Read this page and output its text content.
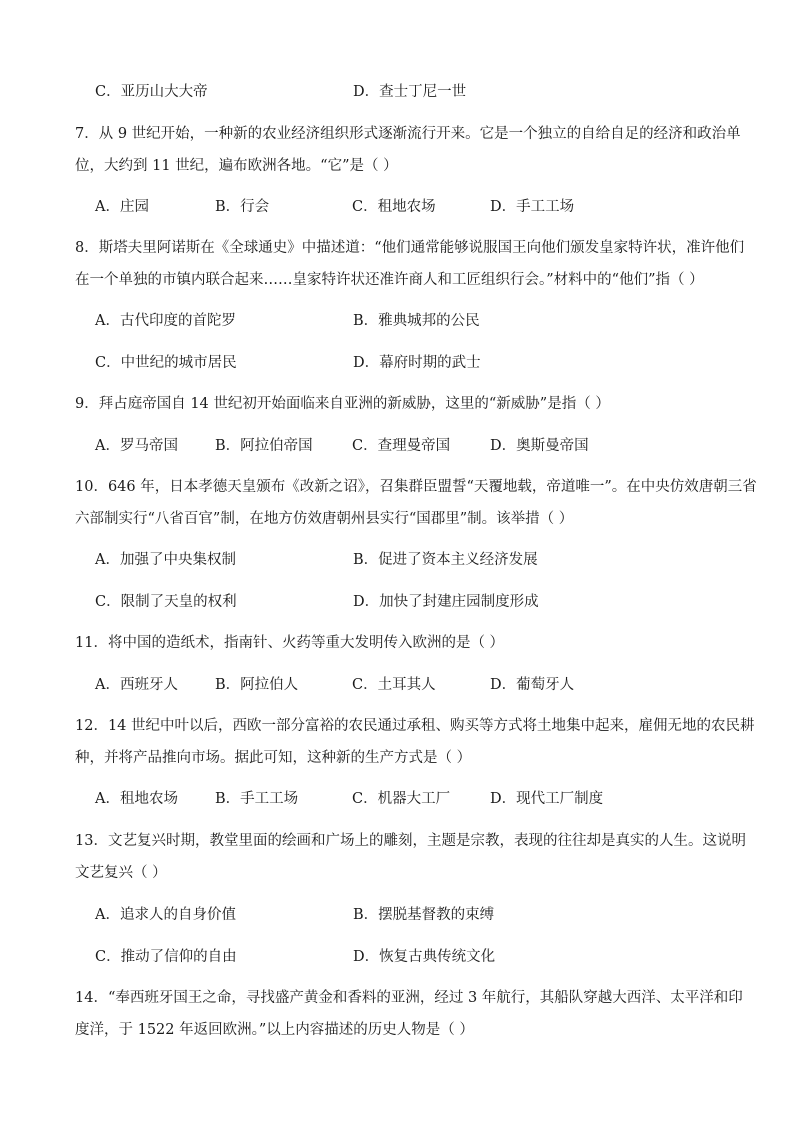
C．亚历山大大帝	D．查士丁尼一世
7．从 9 世纪开始，一种新的农业经济组织形式逐渐流行开来。它是一个独立的自给自足的经济和政治单
位，大约到 11 世纪，遍布欧洲各地。“它”是（ ）
A．庄园	B．行会	C．租地农场	D．手工工场
8．斯塔夫里阿诺斯在《全球通史》中描述道：“他们通常能够说服国王向他们颁发皇家特许状，准许他们
在一个单独的市镇内联合起来……皇家特许状还准许商人和工匠组织行会。”材料中的“他们”指（ ）
A．古代印度的首陀罗	B．雅典城邦的公民
C．中世纪的城市居民	D．幕府时期的武士
9．拜占庭帝国自 14 世纪初开始面临来自亚洲的新威胁，这里的“新威胁”是指（ ）
A．罗马帝国	B．阿拉伯帝国	C．查理曼帝国	D．奥斯曼帝国
10．646 年，日本孝德天皇颁布《改新之诏》，召集群臣盟誓“天覆地载，帝道唯一”。在中央仿效唐朝三省
六部制实行“八省百官”制，在地方仿效唐朝州县实行“国郡里”制。该举措（ ）
A．加强了中央集权制	B．促进了资本主义经济发展
C．限制了天皇的权利	D．加快了封建庄园制度形成
11．将中国的造纸术，指南针、火药等重大发明传入欧洲的是（ ）
A．西班牙人	B．阿拉伯人	C．土耳其人	D．葡萄牙人
12．14 世纪中叶以后，西欧一部分富裕的农民通过承租、购买等方式将土地集中起来，雇佣无地的农民耕
种，并将产品推向市场。据此可知，这种新的生产方式是（ ）
A．租地农场	B．手工工场	C．机器大工厂	D．现代工厂制度
13．文艺复兴时期，教堂里面的绘画和广场上的雕刻，主题是宗教，表现的往往却是真实的人生。这说明
文艺复兴（ ）
A．追求人的自身价值	B．摆脱基督教的束缚
C．推动了信仰的自由	D．恢复古典传统文化
14．“奉西班牙国王之命，寻找盛产黄金和香料的亚洲，经过 3 年航行，其船队穿越大西洋、太平洋和印
度洋，于 1522 年返回欧洲。”以上内容描述的历史人物是（ ）
